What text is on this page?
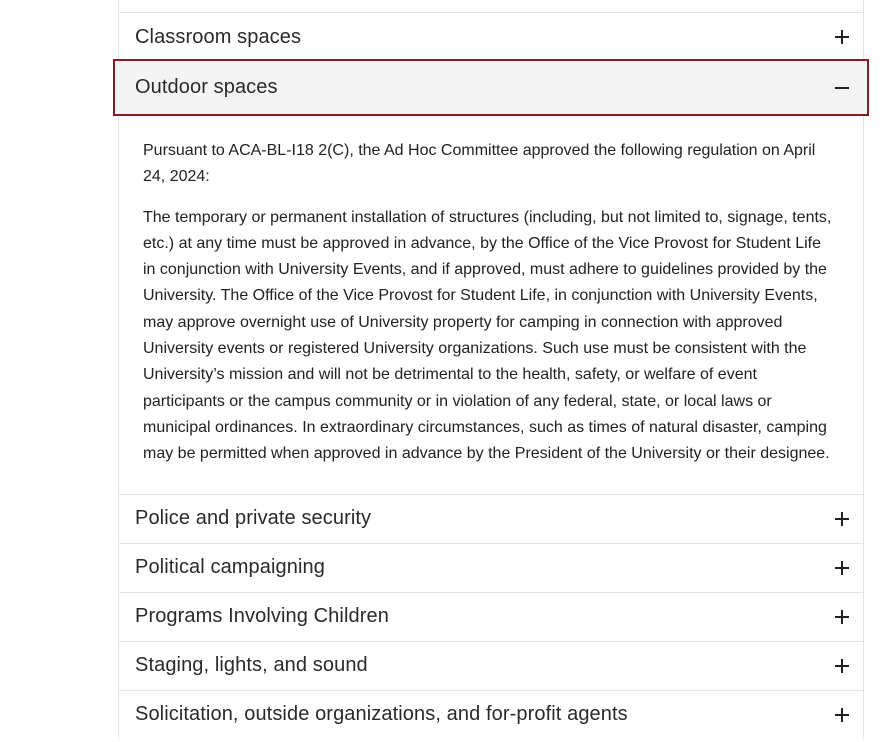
Classroom spaces
Outdoor spaces

Pursuant to ACA-BL-I18 2(C), the Ad Hoc Committee approved the following regulation on April 24, 2024:

The temporary or permanent installation of structures (including, but not limited to, signage, tents, etc.) at any time must be approved in advance, by the Office of the Vice Provost for Student Life in conjunction with University Events, and if approved, must adhere to guidelines provided by the University. The Office of the Vice Provost for Student Life, in conjunction with University Events, may approve overnight use of University property for camping in connection with approved University events or registered University organizations. Such use must be consistent with the University’s mission and will not be detrimental to the health, safety, or welfare of event participants or the campus community or in violation of any federal, state, or local laws or municipal ordinances. In extraordinary circumstances, such as times of natural disaster, camping may be permitted when approved in advance by the President of the University or their designee.

Police and private security
Political campaigning
Programs Involving Children
Staging, lights, and sound
Solicitation, outside organizations, and for-profit agents
